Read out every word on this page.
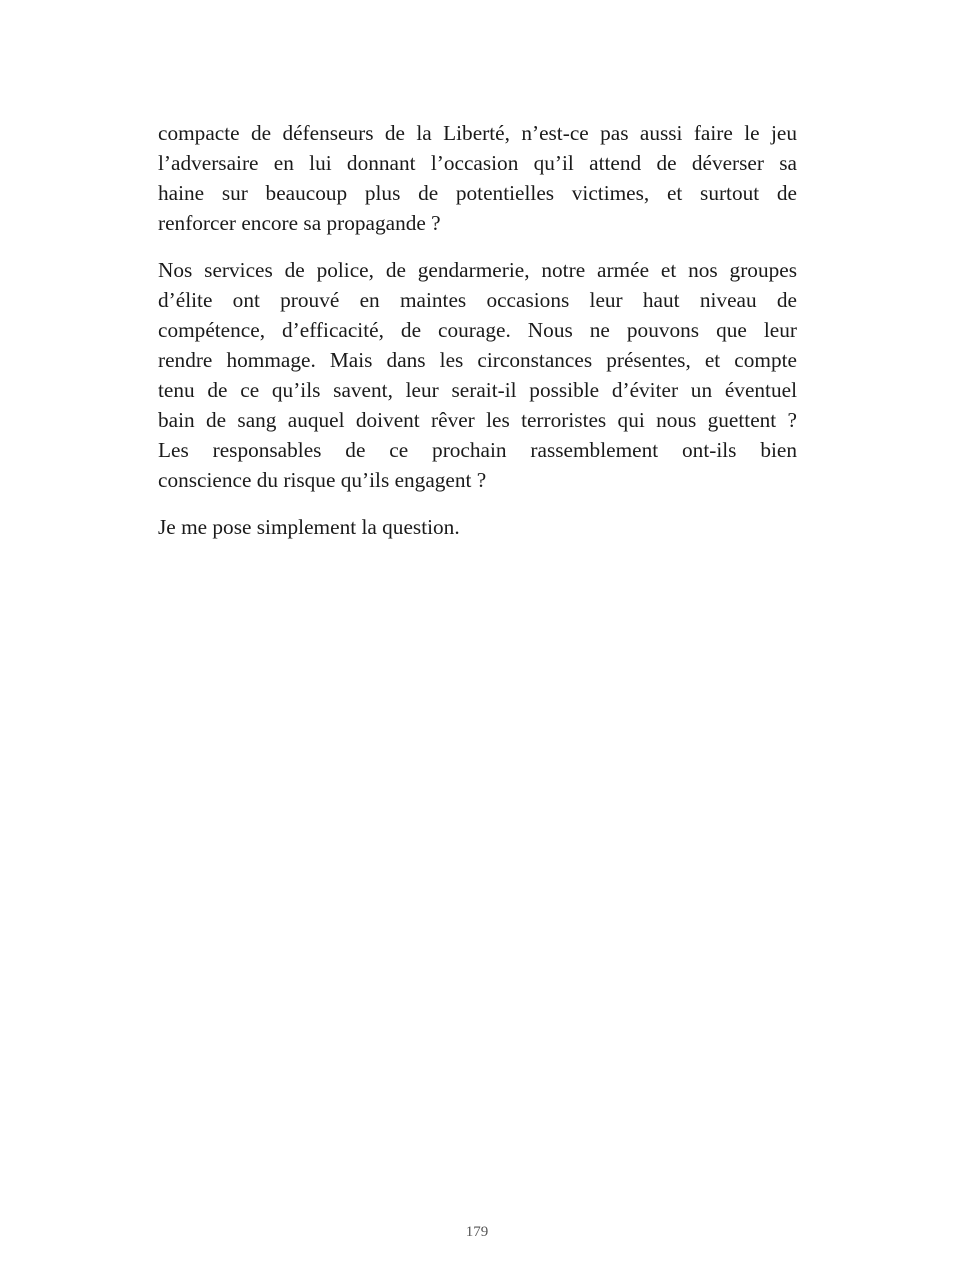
compacte de défenseurs de la Liberté, n’est-ce pas aussi faire le jeu
l’adversaire en lui donnant l’occasion qu’il attend de déverser sa
haine sur beaucoup plus de potentielles victimes, et surtout de
renforcer encore sa propagande ?

Nos services de police, de gendarmerie, notre armée et nos groupes
d’élite ont prouvé en maintes occasions leur haut niveau de
compétence, d’efficacité, de courage. Nous ne pouvons que leur
rendre hommage. Mais dans les circonstances présentes, et compte
tenu de ce qu’ils savent, leur serait-il possible d’éviter un éventuel
bain de sang auquel doivent rêver les terroristes qui nous guettent ?
Les responsables de ce prochain rassemblement ont-ils bien
conscience du risque qu’ils engagent ?

Je me pose simplement la question.

179
